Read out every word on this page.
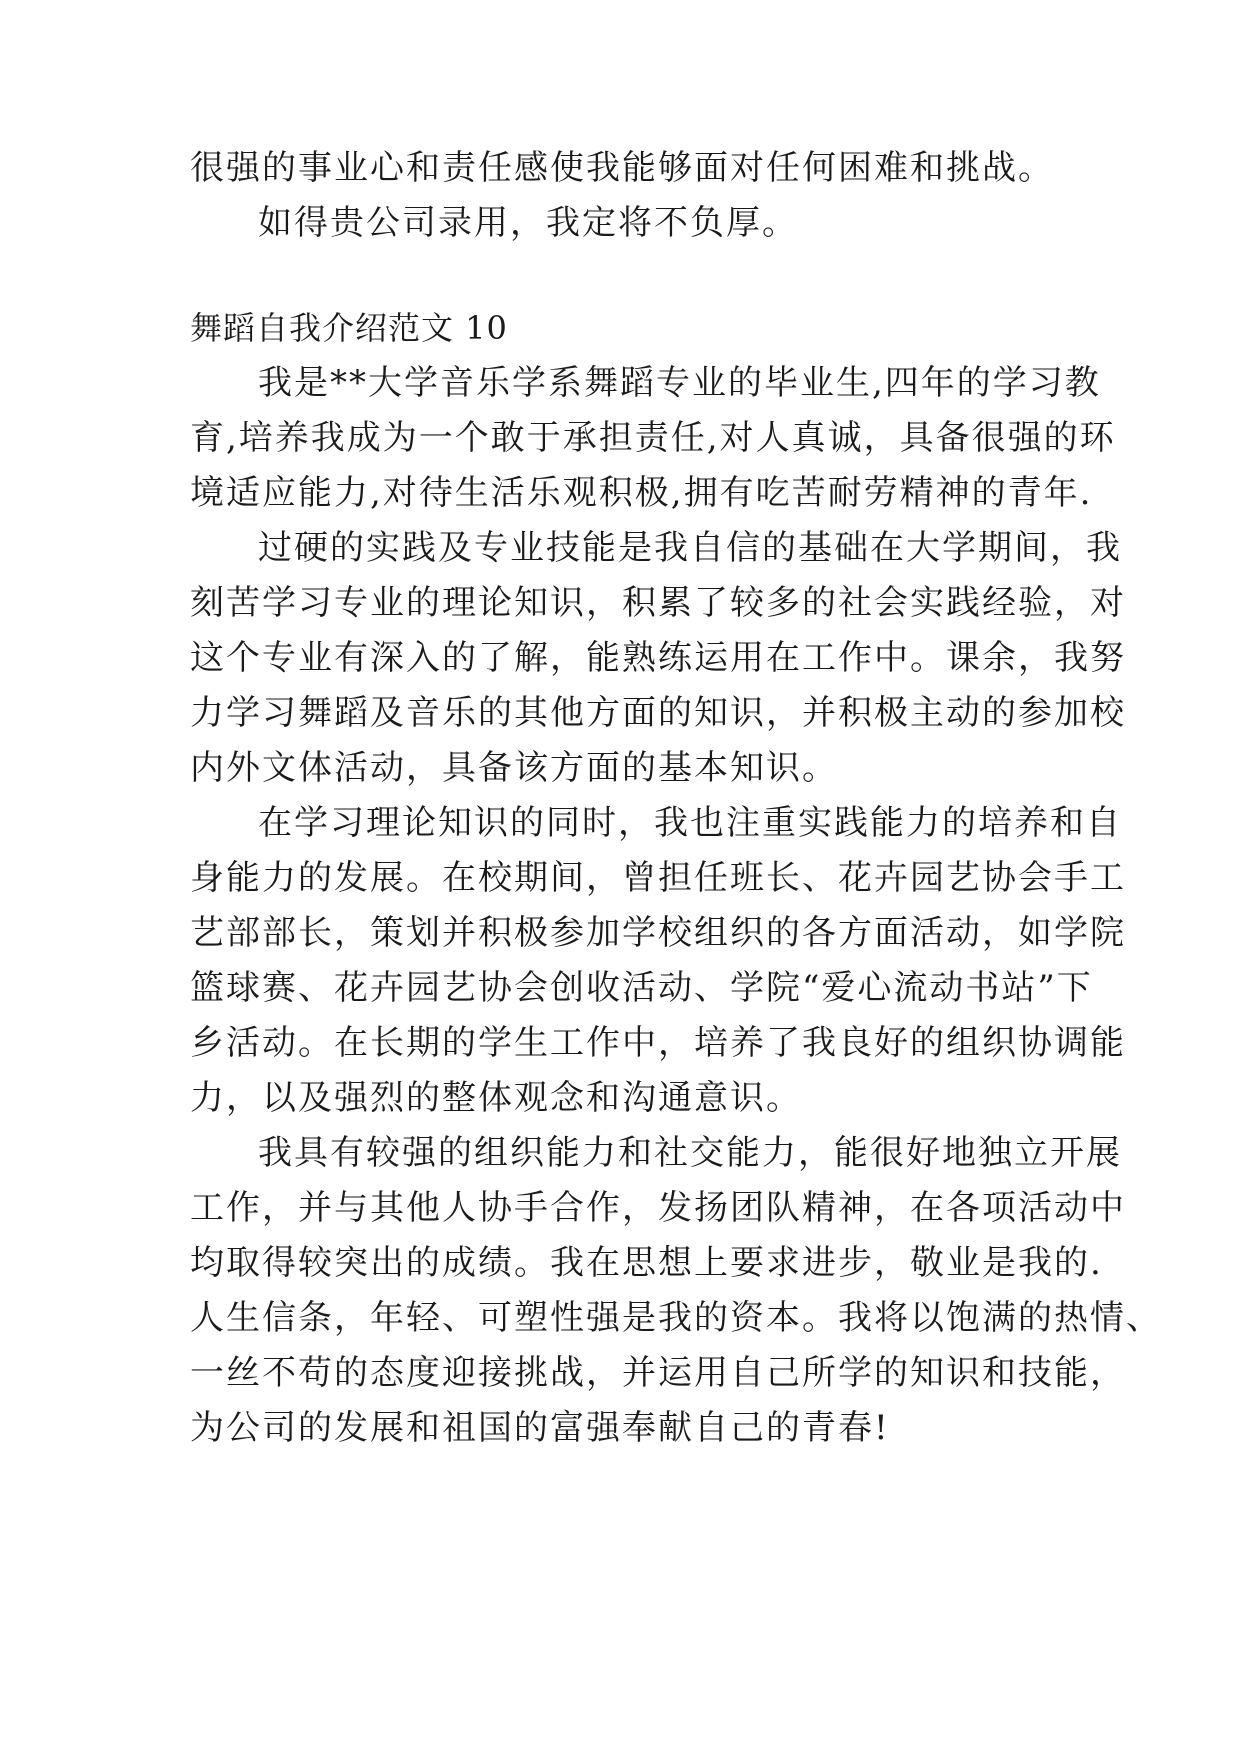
很强的事业心和责任感使我能够面对任何困难和挑战。
如得贵公司录用，我定将不负厚。
舞蹈自我介绍范文 10
我是**大学音乐学系舞蹈专业的毕业生,四年的学习教
育,培养我成为一个敢于承担责任,对人真诚，具备很强的环
境适应能力,对待生活乐观积极,拥有吃苦耐劳精神的青年.
过硬的实践及专业技能是我自信的基础在大学期间，我
刻苦学习专业的理论知识，积累了较多的社会实践经验，对
这个专业有深入的了解，能熟练运用在工作中。课余，我努
力学习舞蹈及音乐的其他方面的知识，并积极主动的参加校
内外文体活动，具备该方面的基本知识。
在学习理论知识的同时，我也注重实践能力的培养和自
身能力的发展。在校期间，曾担任班长、花卉园艺协会手工
艺部部长，策划并积极参加学校组织的各方面活动，如学院
篮球赛、花卉园艺协会创收活动、学院“爱心流动书站”下
乡活动。在长期的学生工作中，培养了我良好的组织协调能
力，以及强烈的整体观念和沟通意识。
我具有较强的组织能力和社交能力，能很好地独立开展
工作，并与其他人协手合作，发扬团队精神，在各项活动中
均取得较突出的成绩。我在思想上要求进步，敬业是我的.
人生信条，年轻、可塑性强是我的资本。我将以饱满的热情、
一丝不苟的态度迎接挑战，并运用自己所学的知识和技能，
为公司的发展和祖国的富强奉献自己的青春!
